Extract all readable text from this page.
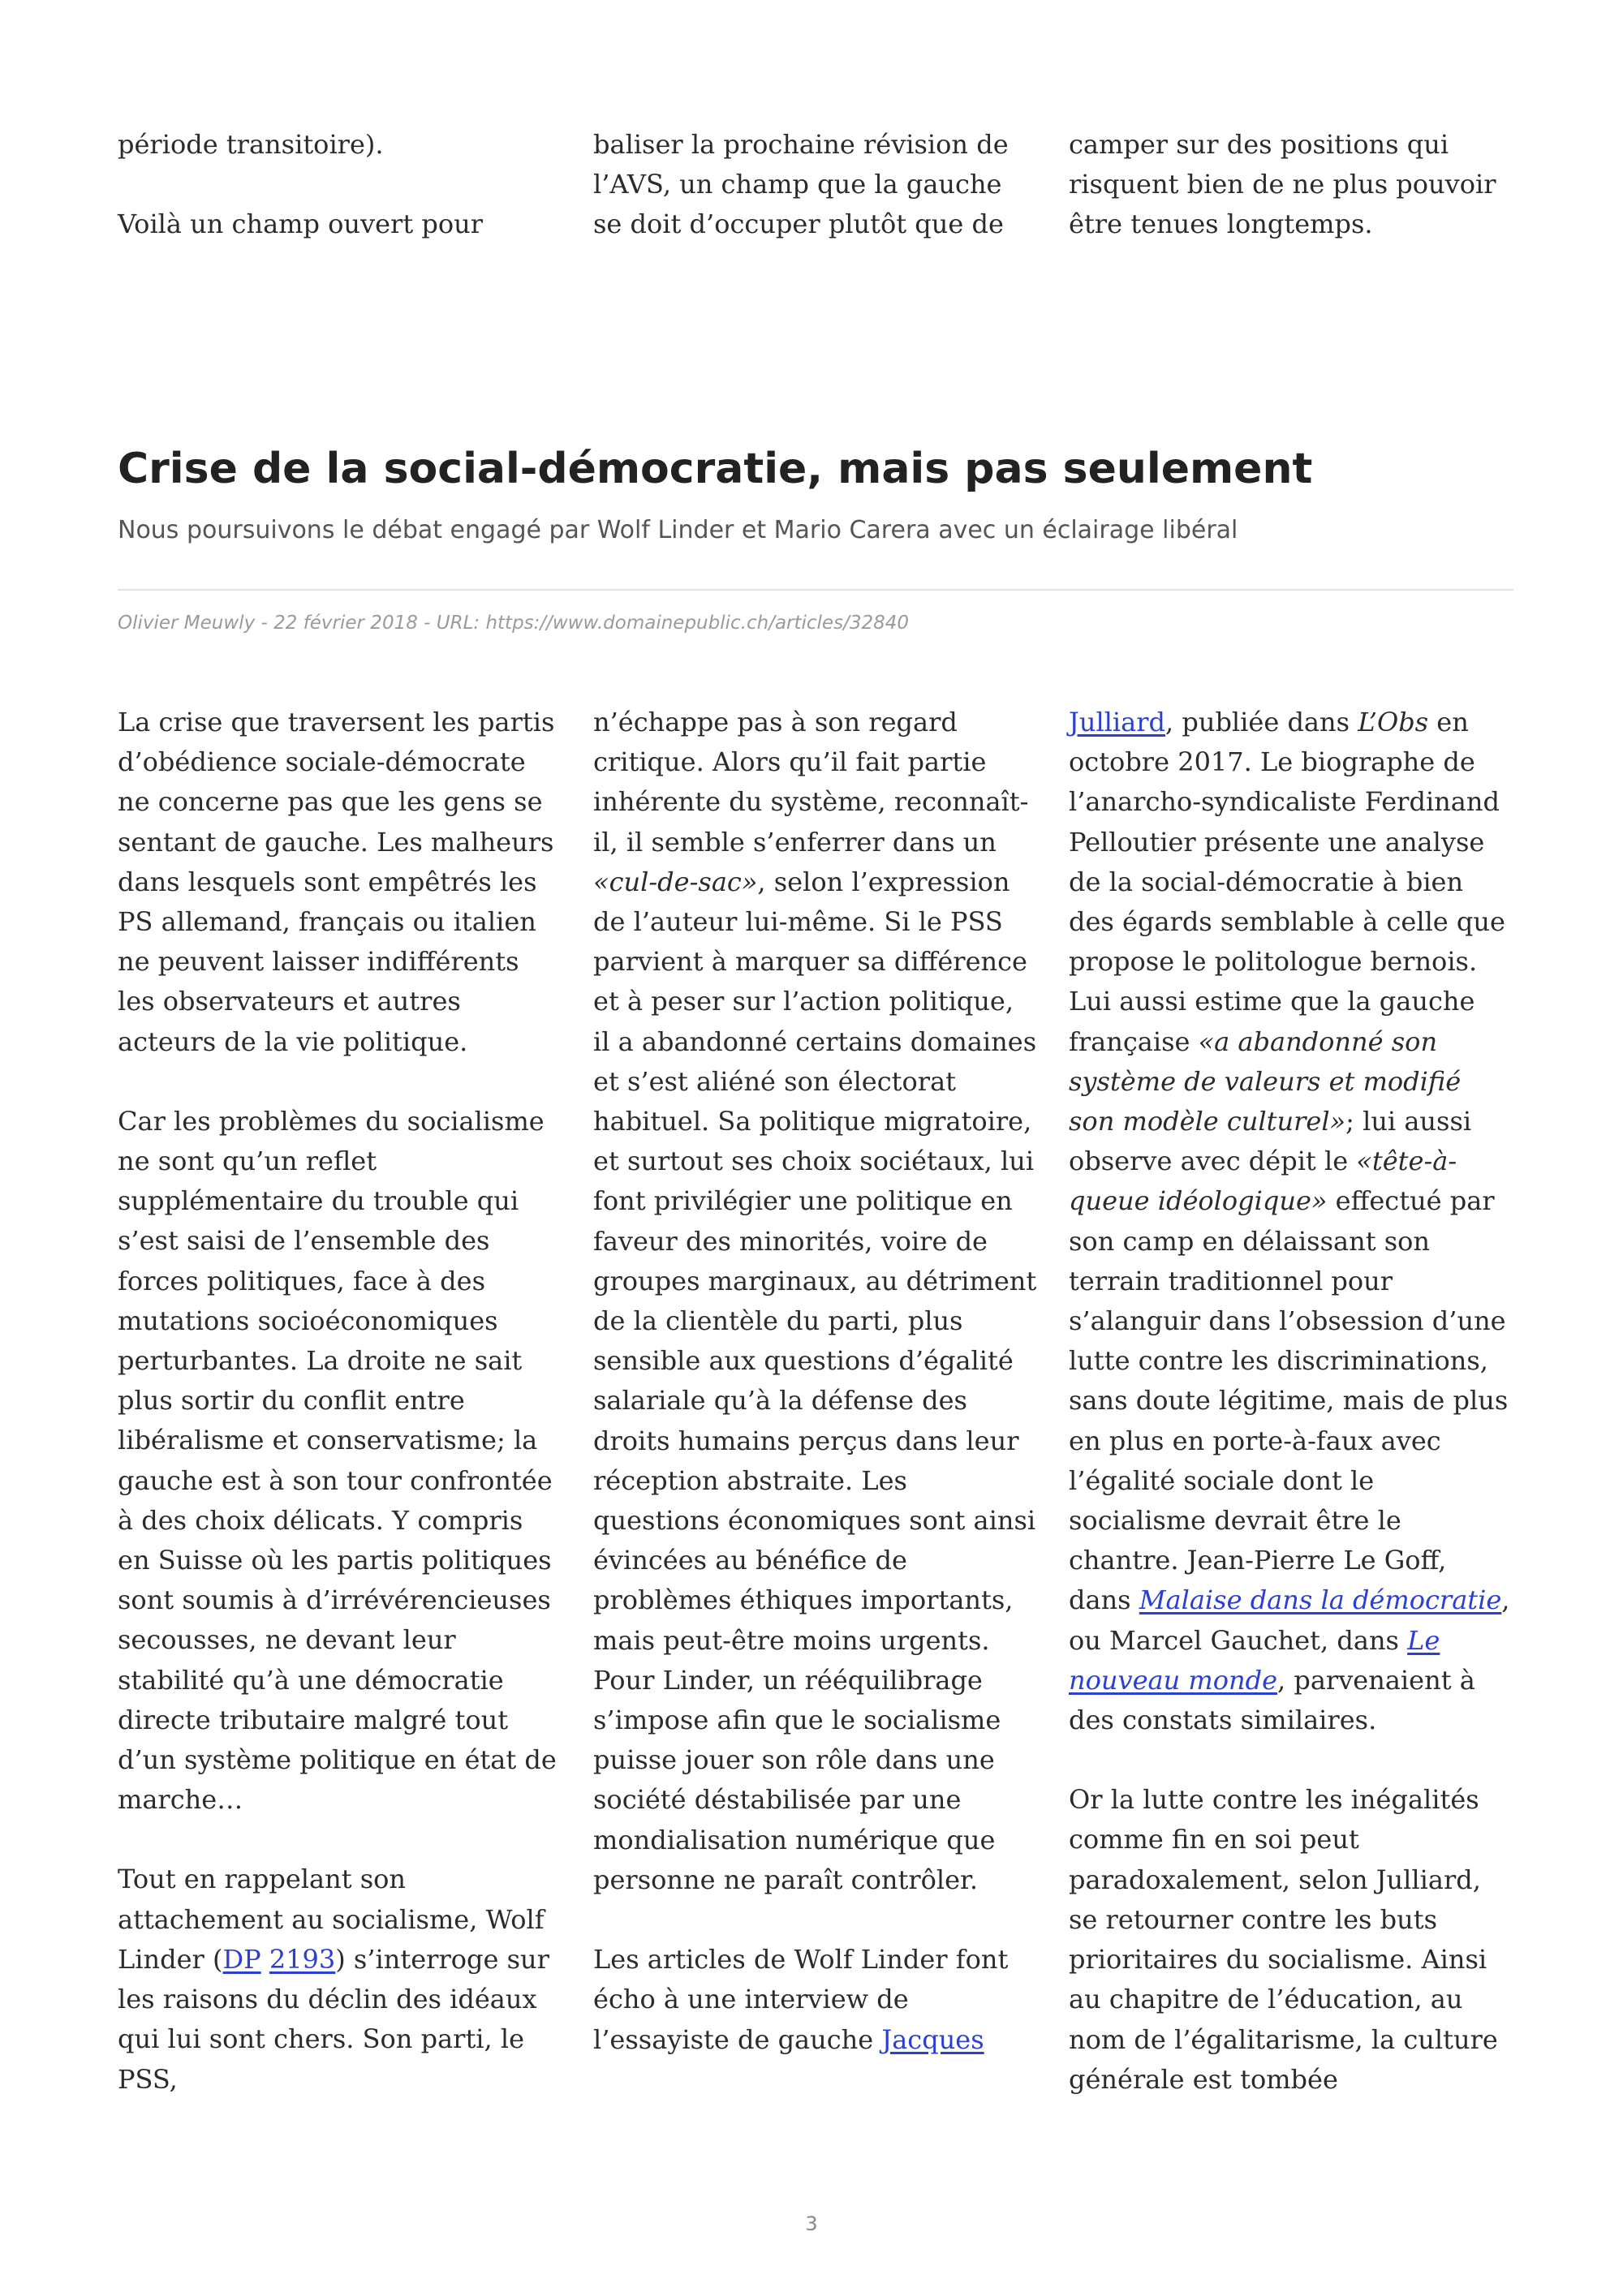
période transitoire).

Voilà un champ ouvert pour

baliser la prochaine révision de l’AVS, un champ que la gauche se doit d’occuper plutôt que de

camper sur des positions qui risquent bien de ne plus pouvoir être tenues longtemps.

Crise de la social-démocratie, mais pas seulement

Nous poursuivons le débat engagé par Wolf Linder et Mario Carera avec un éclairage libéral

Olivier Meuwly - 22 février 2018 - URL: https://www.domainepublic.ch/articles/32840

La crise que traversent les partis d’obédience sociale-démocrate ne concerne pas que les gens se sentant de gauche. Les malheurs dans lesquels sont empêtrés les PS allemand, français ou italien ne peuvent laisser indifférents les observateurs et autres acteurs de la vie politique.

Car les problèmes du socialisme ne sont qu’un reflet supplémentaire du trouble qui s’est saisi de l’ensemble des forces politiques, face à des mutations socioéconomiques perturbantes. La droite ne sait plus sortir du conflit entre libéralisme et conservatisme; la gauche est à son tour confrontée à des choix délicats. Y compris en Suisse où les partis politiques sont soumis à d’irrévérencieuses secousses, ne devant leur stabilité qu’à une démocratie directe tributaire malgré tout d’un système politique en état de marche…

Tout en rappelant son attachement au socialisme, Wolf Linder (DP 2193) s’interroge sur les raisons du déclin des idéaux qui lui sont chers. Son parti, le PSS,

n’échappe pas à son regard critique. Alors qu’il fait partie inhérente du système, reconnaît-il, il semble s’enferrer dans un «cul-de-sac», selon l’expression de l’auteur lui-même. Si le PSS parvient à marquer sa différence et à peser sur l’action politique, il a abandonné certains domaines et s’est aliéné son électorat habituel. Sa politique migratoire, et surtout ses choix sociétaux, lui font privilégier une politique en faveur des minorités, voire de groupes marginaux, au détriment de la clientèle du parti, plus sensible aux questions d’égalité salariale qu’à la défense des droits humains perçus dans leur réception abstraite. Les questions économiques sont ainsi évincées au bénéfice de problèmes éthiques importants, mais peut-être moins urgents. Pour Linder, un rééquilibrage s’impose afin que le socialisme puisse jouer son rôle dans une société déstabilisée par une mondialisation numérique que personne ne paraît contrôler.

Les articles de Wolf Linder font écho à une interview de l’essayiste de gauche Jacques

Julliard, publiée dans L’Obs en octobre 2017. Le biographe de l’anarcho-syndicaliste Ferdinand Pelloutier présente une analyse de la social-démocratie à bien des égards semblable à celle que propose le politologue bernois. Lui aussi estime que la gauche française «a abandonné son système de valeurs et modifié son modèle culturel»; lui aussi observe avec dépit le «tête-à-queue idéologique» effectué par son camp en délaissant son terrain traditionnel pour s’alanguir dans l’obsession d’une lutte contre les discriminations, sans doute légitime, mais de plus en plus en porte-à-faux avec l’égalité sociale dont le socialisme devrait être le chantre. Jean-Pierre Le Goff, dans Malaise dans la démocratie, ou Marcel Gauchet, dans Le nouveau monde, parvenaient à des constats similaires.

Or la lutte contre les inégalités comme fin en soi peut paradoxalement, selon Julliard, se retourner contre les buts prioritaires du socialisme. Ainsi au chapitre de l’éducation, au nom de l’égalitarisme, la culture générale est tombée

3
